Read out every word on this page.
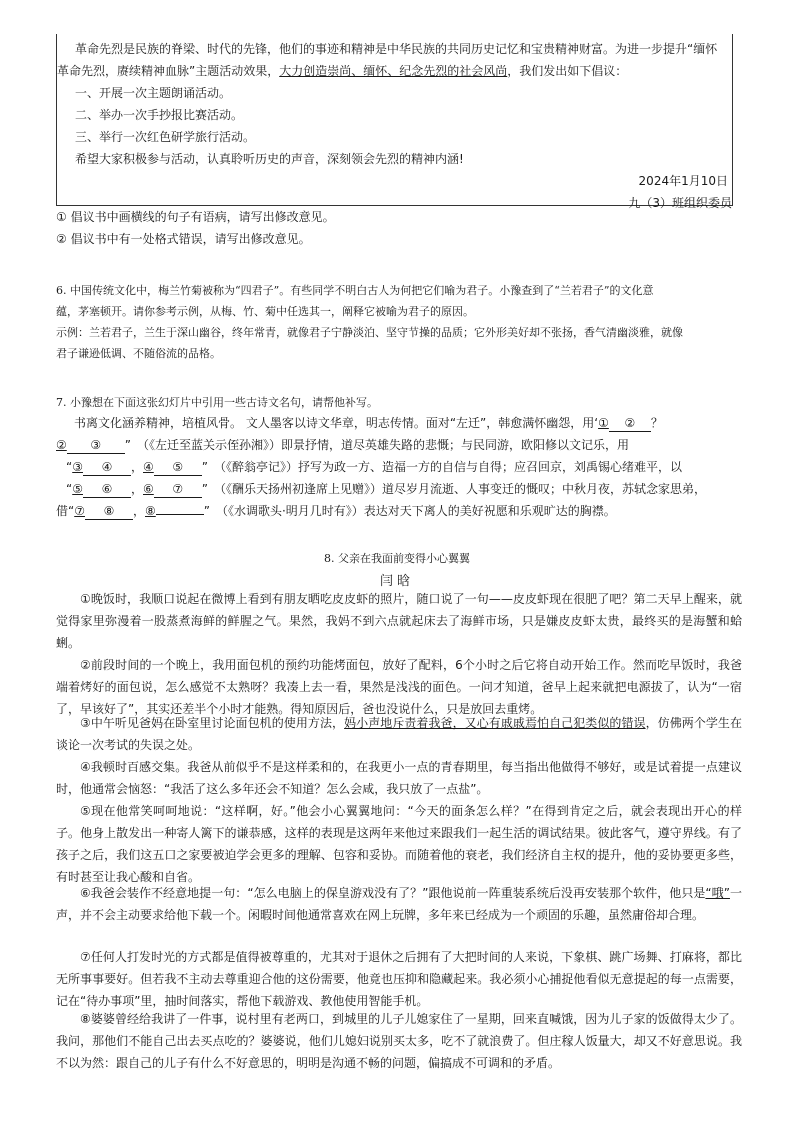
革命先烈是民族的脊梁、时代的先锋，他们的事迹和精神是中华民族的共同历史记忆和宝贵精神财富。为进一步提升“缅怀
革命先烈，赓续精神血脉”主题活动效果，大力创造崇尚、缅怀、纪念先烈的社会风尚，我们发出如下倡议：
一、开展一次主题朗诵活动。
二、举办一次手抄报比赛活动。
三、举行一次红色研学旅行活动。
希望大家积极参与活动，认真聆听历史的声音，深刻领会先烈的精神内涵!
2024年1月10日
九（3）班组织委员
① 倡议书中画横线的句子有语病，请写出修改意见。
② 倡议书中有一处格式错误，请写出修改意见。
6. 中国传统文化中，梅兰竹菊被称为“四君子”。有些同学不明白古人为何把它们喻为君子。小豫查到了“兰若君子”的文化意
蕴，茅塞顿开。请你参考示例，从梅、竹、菊中任选其一，阐释它被喻为君子的原因。
示例：兰若君子，兰生于深山幽谷，终年常青，就像君子宁静淡泊、坚守节操的品质；它外形美好却不张扬，香气清幽淡雅，就像
君子谦逊低调、不随俗流的品格。
7. 小豫想在下面这张幻灯片中引用一些古诗文名句，请帮他补写。
书离文化涵养精神，培植风骨。 文人墨客以诗文华章，明志传情。面对“左迁”，韩愈满怀幽怨，用‘① ② ？
② ③ ”　（《左迁至蓝关示侄孙湘》）即景抒情，道尽英雄失路的悲慨；与民同游，欧阳修以文记乐，用
“③ ④ ，④ ⑤ ”　（《醉翁亭记》）抒写为政一方、造福一方的自信与自得；应召回京，刘禹锡心绪难平，以
“⑤ ⑥ ，⑥ ⑦ ”　（《酬乐天扬州初逢席上见赠》）道尽岁月流逝、人事变迁的慨叹；中秋月夜，苏轼念家思弟，
借“⑦ ⑧ ，⑧	”　（《水调歌头·明月几时有》）表达对天下离人的美好祝愿和乐观旷达的胸襟。
8. 父亲在我面前变得小心翼翼
闫晗
①晚饭时，我顺口说起在微博上看到有朋友晒吃皮皮虾的照片，随口说了一句——皮皮虾现在很肥了吧？第二天早上醒来，就觉得家里弥漫着一股蒸煮海鲜的鲜腥之气。果然，我妈不到六点就起床去了海鲜市场，只是嫌皮皮虾太贵，最终买的是海蟹和蛤蜊。
②前段时间的一个晚上，我用面包机的预约功能烤面包，放好了配料，6个小时之后它将自动开始工作。然而吃早饭时，我爸端着烤好的面包说，怎么感觉不太熟呀？我凑上去一看，果然是浅浅的面色。一问才知道，爸早上起来就把电源拔了，认为“一宿了，早该好了”，其实还差半个小时才能熟。得知原因后，爸也没说什么，只是放回去重烤。
③中午听见爸妈在卧室里讨论面包机的使用方法，妈小声地斥责着我爸，又心有戚戚焉怕自己犯类似的错误，仿佛两个学生在谈论一次考试的失误之处。
④我顿时百感交集。我爸从前似乎不是这样柔和的，在我更小一点的青春期里，每当指出他做得不够好，或是试着提一点建议时，他通常会恼怒：“我活了这么多年还会不知道？怎么会咸，我只放了一点盐”。
⑤现在他常笑呵呵地说：“这样啊，好。”他会小心翼翼地问：“今天的面条怎么样？”在得到肯定之后，就会表现出开心的样子。他身上散发出一种寄人篱下的谦恭感，这样的表现是这两年来他过来跟我们一起生活的调试结果。彼此客气，遵守界线。有了孩子之后，我们这五口之家要被迫学会更多的理解、包容和妥协。而随着他的衰老，我们经济自主权的提升，他的妥协要更多些，有时甚至让我心酸和自省。
⑥我爸会装作不经意地提一句：“怎么电脑上的保皇游戏没有了？”跟他说前一阵重装系统后没再安装那个软件，他只是“哦”一声，并不会主动要求给他下载一个。闲暇时间他通常喜欢在网上玩牌，多年来已经成为一个顽固的乐趣，虽然庸俗却合理。
⑦任何人打发时光的方式都是值得被尊重的，尤其对于退休之后拥有了大把时间的人来说，下象棋、跳广场舞、打麻将，都比无所事事要好。但若我不主动去尊重迎合他的这份需要，他竟也压抑和隐藏起来。我必须小心捕捉他看似无意提起的每一点需要，记在“待办事项”里，抽时间落实，帮他下载游戏、教他使用智能手机。
⑧婆婆曾经给我讲了一件事，说村里有老两口，到城里的儿子儿媳家住了一星期，回来直喊饿，因为儿子家的饭做得太少了。我问，那他们不能自己出去买点吃的？婆婆说，他们儿媳妇说别买太多，吃不了就浪费了。但庄稼人饭量大，却又不好意思说。我不以为然：跟自己的儿子有什么不好意思的，明明是沟通不畅的问题，偏搞成不可调和的矛盾。
